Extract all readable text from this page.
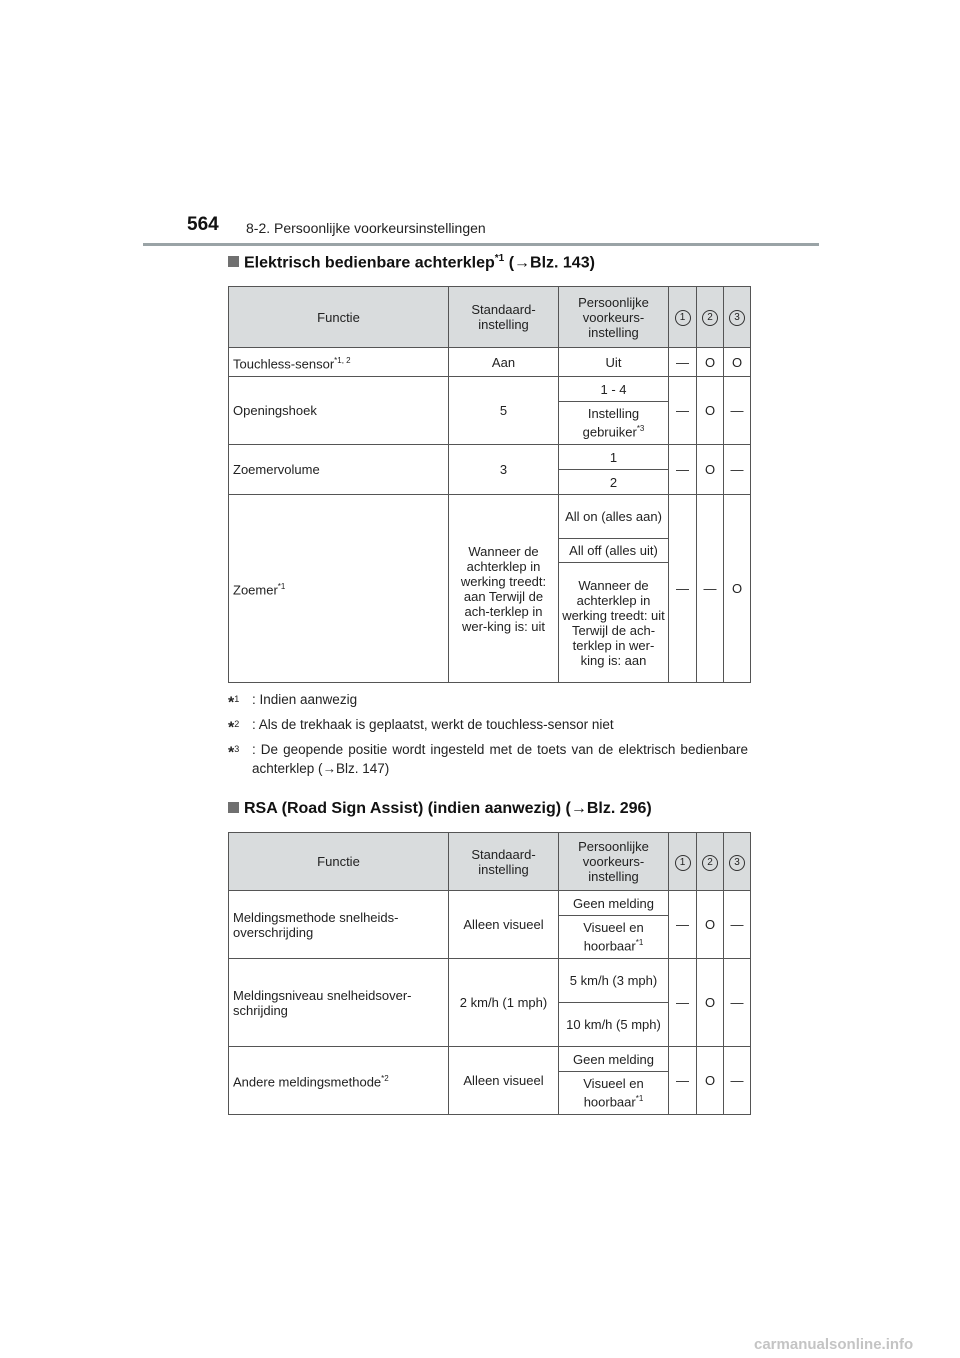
564 8-2. Persoonlijke voorkeursinstellingen
Elektrisch bedienbare achterklep$^{*1}$ (→Blz. 143)
Functie	Standaard-instelling	Persoonlijke voorkeurs-instelling	1	2	3
Touchless-sensor$^{*1, 2}$	Aan	Uit	—	O	O
Openingshoek	5	1 - 4	—	O	—
		Instelling gebruiker$^{*3}$
Zoemervolume	3	1	—	O	—
		2			
Zoemer$^{*1}$	Wanneer de achterklep in werking treedt: aan Terwijl de ach-terklep in wer-king is: uit	All on (alles aan)	—	—	O
		All off (alles uit)			
		Wanneer de achterklep in werking treedt: uit Terwijl de ach-terklep in wer-king is: aan			
*$^1$ : Indien aanwezig
*$^2$ : Als de trekhaak is geplaatst, werkt de touchless-sensor niet
*$^3$ : De geopende positie wordt ingesteld met de toets van de elektrisch bedienbare achterklep (→Blz. 147)
RSA (Road Sign Assist) (indien aanwezig) (→Blz. 296)
Functie	Standaard-instelling	Persoonlijke voorkeurs-instelling	1	2	3
Meldingsmethode snelheids-overschrijding	Alleen visueel	Geen melding	—	O	—
		Visueel en hoorbaar$^{*1}$
Meldingsniveau snelheidsover-schrijding	2 km/h (1 mph)	5 km/h (3 mph)	—	O	—
		10 km/h (5 mph)			
Andere meldingsmethode$^{*2}$	Alleen visueel	Geen melding	—	O	—
		Visueel en hoorbaar$^{*1}$
carmanualsonline.info
